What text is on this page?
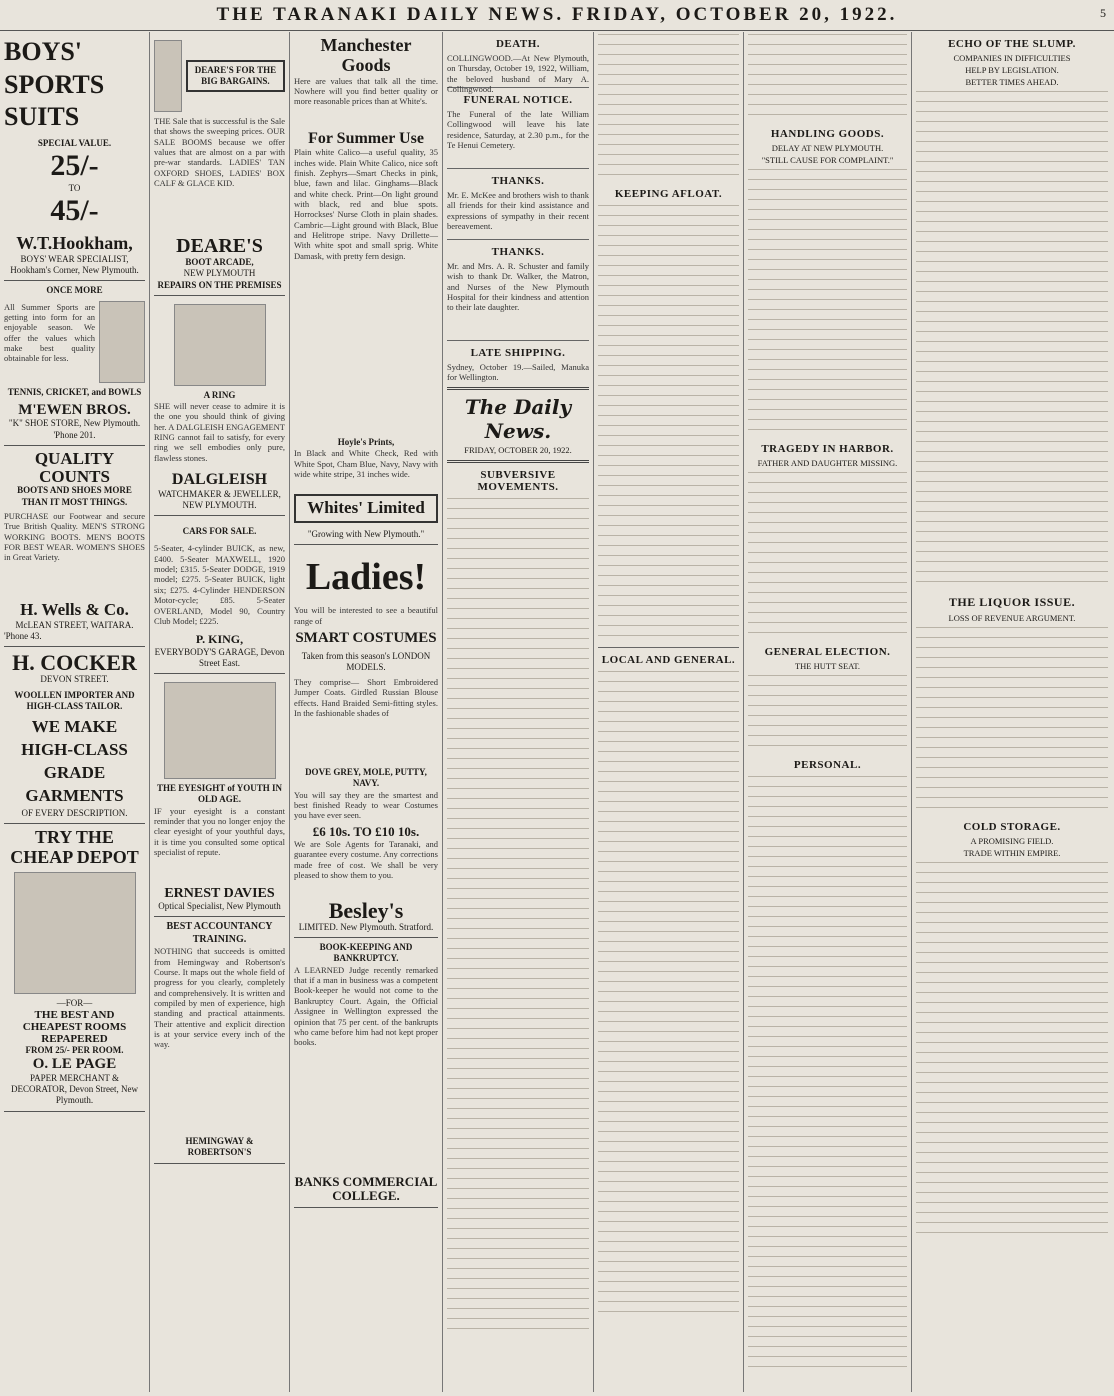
THE TARANAKI DAILY NEWS. FRIDAY, OCTOBER 20, 1922.	5
BOYS' SPORTS SUITS
SPECIAL VALUE.
25/-
TO
45/-
W.T.Hookham,
BOYS' WEAR SPECIALIST, Hookham's Corner, New Plymouth.
ONCE MORE
All Summer Sports are getting into form for an enjoyable season. We offer the values which make best quality obtainable for less.
TENNIS, CRICKET, and BOWLS
M'EWEN BROS.
"K" SHOE STORE, New Plymouth. 'Phone 201.
QUALITY COUNTS
BOOTS AND SHOES MORE THAN IT MOST THINGS.
PURCHASE our Footwear and secure True British Quality. MEN'S STRONG WORKING BOOTS. MEN'S BOOTS FOR BEST WEAR. WOMEN'S SHOES in Great Variety.
H. Wells & Co.
McLEAN STREET, WAITARA.
'Phone 43.
H. COCKER
DEVON STREET.
WOOLLEN IMPORTER AND HIGH-CLASS TAILOR.
WE MAKE HIGH-CLASS GRADE GARMENTS
OF EVERY DESCRIPTION.
TRY THE CHEAP DEPOT
—FOR—
THE BEST AND CHEAPEST ROOMS REPAPERED
FROM 25/- PER ROOM.
O. LE PAGE
PAPER MERCHANT & DECORATOR, Devon Street, New Plymouth.
DEARE'S FOR THE BIG BARGAINS.
THE Sale that is successful is the Sale that shows the sweeping prices. OUR SALE BOOMS because we offer values that are almost on a par with pre-war standards. LADIES' TAN OXFORD SHOES, LADIES' BOX CALF & GLACE KID.
DEARE'S
BOOT ARCADE,
NEW PLYMOUTH
REPAIRS ON THE PREMISES
A RING
SHE will never cease to admire it is the one you should think of giving her. A DALGLEISH ENGAGEMENT RING cannot fail to satisfy, for every ring we sell embodies only pure, flawless stones.
DALGLEISH
WATCHMAKER & JEWELLER, NEW PLYMOUTH.
CARS FOR SALE.
5-Seater, 4-cylinder BUICK, as new, £400. 5-Seater MAXWELL, 1920 model; £315. 5-Seater DODGE, 1919 model; £275. 5-Seater BUICK, light six; £275. 4-Cylinder HENDERSON Motor-cycle; £85. 5-Seater OVERLAND, Model 90, Country Club Model; £225.
P. KING,
EVERYBODY'S GARAGE, Devon Street East.
THE EYESIGHT of YOUTH IN OLD AGE.
IF your eyesight is a constant reminder that you no longer enjoy the clear eyesight of your youthful days, it is time you consulted some optical specialist of repute.
ERNEST DAVIES
Optical Specialist, New Plymouth
BEST ACCOUNTANCY TRAINING.
NOTHING that succeeds is omitted from Hemingway and Robertson's Course. It maps out the whole field of progress for you clearly, completely and comprehensively. It is written and compiled by men of experience, high standing and practical attainments. Their attentive and explicit direction is at your service every inch of the way.
HEMINGWAY & ROBERTSON'S
Manchester Goods
Here are values that talk all the time. Nowhere will you find better quality or more reasonable prices than at White's.
For Summer Use
Plain white Calico—a useful quality, 35 inches wide. Plain White Calico, nice soft finish. Zephyrs—Smart Checks in pink, blue, fawn and lilac. Ginghams—Black and white check. Print—On light ground with black, red and blue spots. Horrockses' Nurse Cloth in plain shades. Cambric—Light ground with Black, Blue and Helitrope stripe. Navy Drillette—With white spot and small sprig. White Damask, with pretty fern design.
Hoyle's Prints,
In Black and White Check, Red with White Spot, Cham Blue, Navy, Navy with wide white stripe, 31 inches wide.
Whites' Limited
"Growing with New Plymouth."
Ladies!
You will be interested to see a beautiful range of
SMART COSTUMES
Taken from this season's LONDON MODELS.
They comprise— Short Embroidered Jumper Coats. Girdled Russian Blouse effects. Hand Braided Semi-fitting styles. In the fashionable shades of
DOVE GREY, MOLE, PUTTY, NAVY.
You will say they are the smartest and best finished Ready to wear Costumes you have ever seen.
£6 10s. TO £10 10s.
We are Sole Agents for Taranaki, and guarantee every costume. Any corrections made free of cost. We shall be very pleased to show them to you.
Besley's
LIMITED. New Plymouth. Stratford.
BOOK-KEEPING AND BANKRUPTCY.
A LEARNED Judge recently remarked that if a man in business was a competent Book-keeper he would not come to the Bankruptcy Court. Again, the Official Assignee in Wellington expressed the opinion that 75 per cent. of the bankrupts who came before him had not kept proper books.
BANKS COMMERCIAL COLLEGE.
DEATH.
COLLINGWOOD.—At New Plymouth, on Thursday, October 19, 1922, William, the beloved husband of Mary A. Collingwood.
FUNERAL NOTICE.
The Funeral of the late William Collingwood will leave his late residence, Saturday, at 2.30 p.m., for the Te Henui Cemetery.
THANKS.
Mr. E. McKee and brothers wish to thank all friends for their kind assistance and expressions of sympathy in their recent bereavement.
THANKS.
Mr. and Mrs. A. R. Schuster and family wish to thank Dr. Walker, the Matron, and Nurses of the New Plymouth Hospital for their kindness and attention to their late daughter.
LATE SHIPPING.
Sydney, October 19.—Sailed, Manuka for Wellington.
The Daily News.
FRIDAY, OCTOBER 20, 1922.
SUBVERSIVE MOVEMENTS.
KEEPING AFLOAT.
LOCAL AND GENERAL.
HANDLING GOODS.
DELAY AT NEW PLYMOUTH.
"STILL CAUSE FOR COMPLAINT."
TRAGEDY IN HARBOR.
FATHER AND DAUGHTER MISSING.
GENERAL ELECTION.
THE HUTT SEAT.
PERSONAL.
ECHO OF THE SLUMP.
COMPANIES IN DIFFICULTIES
HELP BY LEGISLATION.
BETTER TIMES AHEAD.
THE LIQUOR ISSUE.
LOSS OF REVENUE ARGUMENT.
COLD STORAGE.
A PROMISING FIELD.
TRADE WITHIN EMPIRE.
